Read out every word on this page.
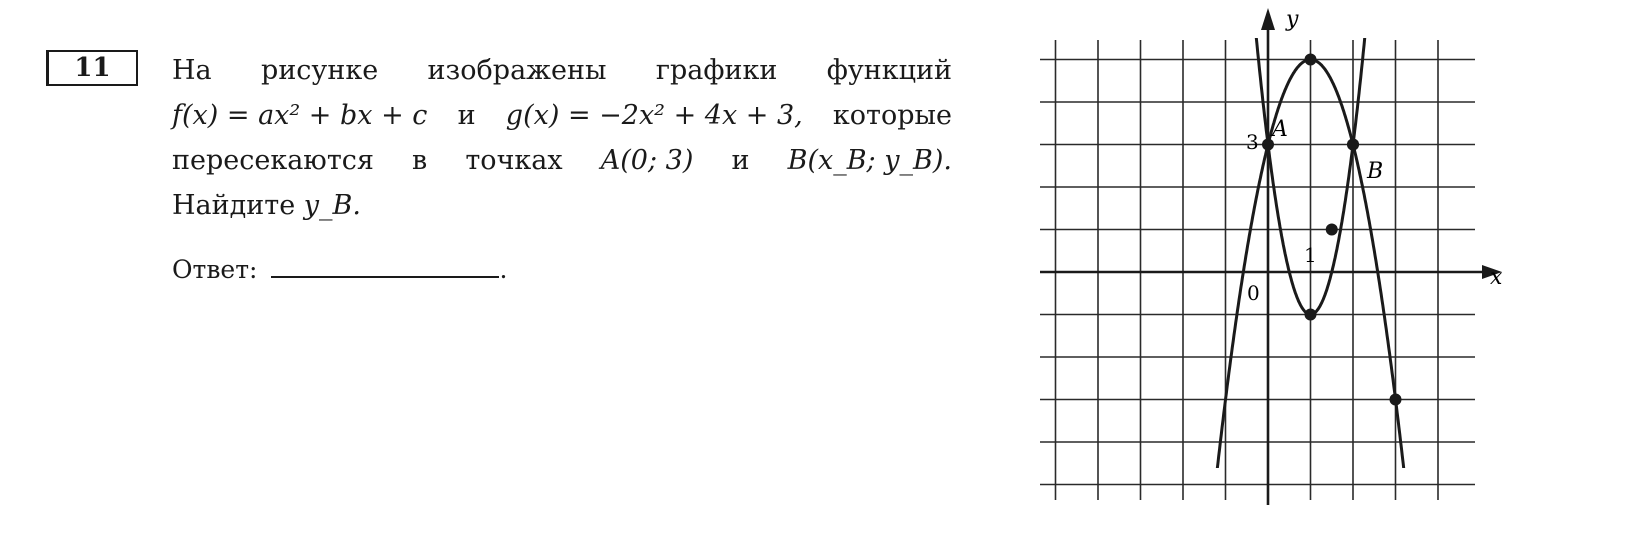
11 На рисунке изображены графики функций
f(x) = ax² + bx + c и g(x) = −2x² + 4x + 3, которые
пересекаются в точках A(0; 3) и B(x_B; y_B).
Найдите y_B.
Ответ:	.
y
x
0
3
1
A
B
